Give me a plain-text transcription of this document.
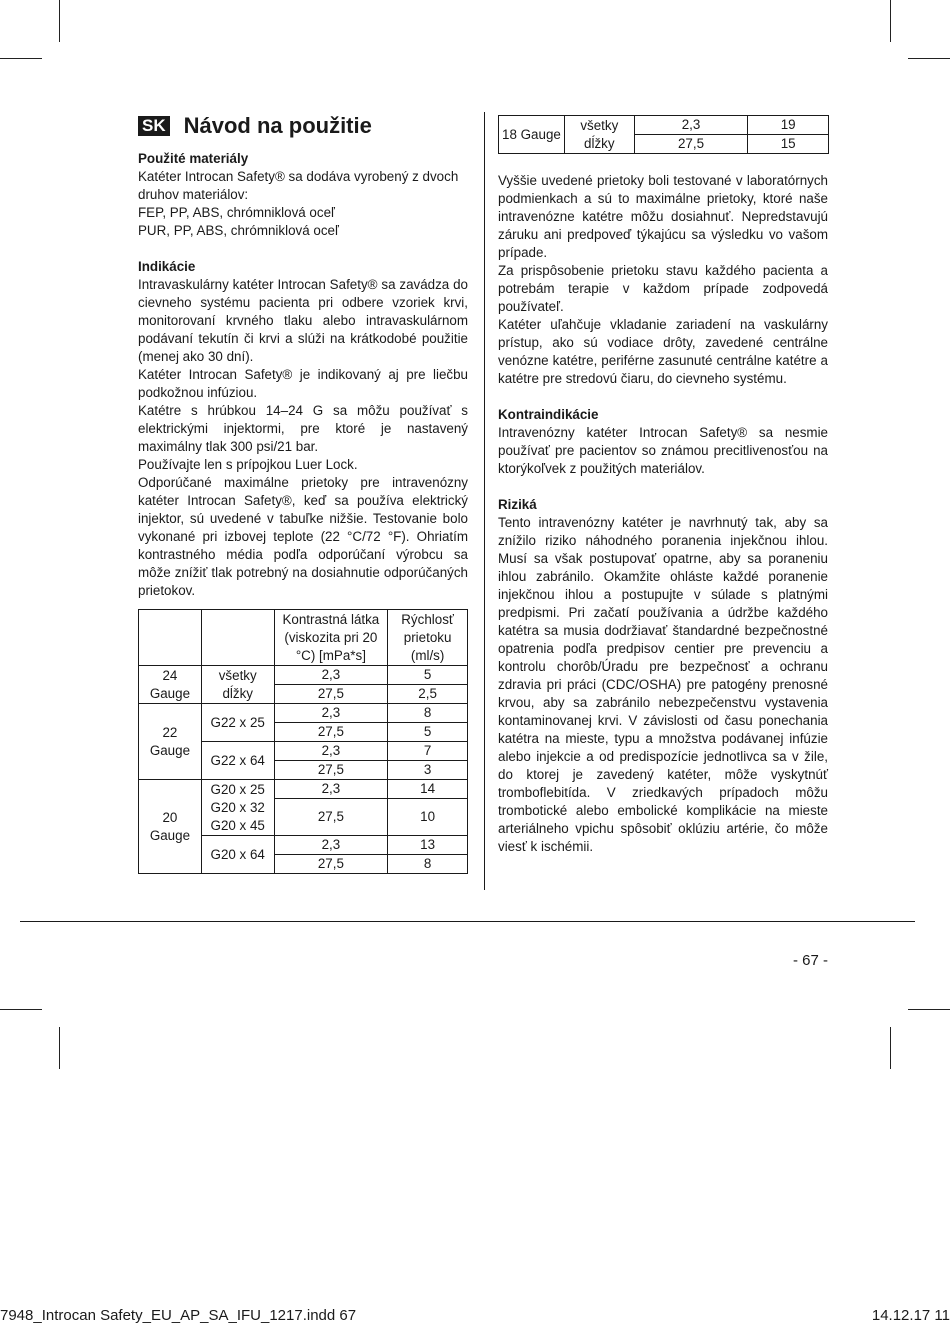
SK Návod na použitie

Použité materiály

Katéter Introcan Safety® sa dodáva vyrobený z dvoch

druhov materiálov:

FEP, PP, ABS, chrómniklová oceľ

PUR, PP, ABS, chrómniklová oceľ

Indikácie

Intravaskulárny katéter Introcan Safety® sa zavádza do cievneho systému pacienta pri odbere vzoriek krvi, monitorovaní krvného tlaku alebo intravaskulárnom podávaní tekutín či krvi a slúži na krátkodobé použitie (menej ako 30 dní).

Katéter Introcan Safety® je indikovaný aj pre liečbu podkožnou infúziou.

Katétre s hrúbkou 14–24 G sa môžu používať s elektrickými injektormi, pre ktoré je nastavený maximálny tlak 300 psi/21 bar.

Používajte len s prípojkou Luer Lock.

Odporúčané maximálne prietoky pre intravenózny katéter Introcan Safety®, keď sa používa elektrický injektor, sú uvedené v tabuľke nižšie. Testovanie bolo vykonané pri izbovej teplote (22 °C/72 °F). Ohriatím kontrastného média podľa odporúčaní výrobcu sa môže znížiť tlak potrebný na dosiahnutie odporúčaných prietokov.

		Kontrastná látka (viskozita pri 20 °C) [mPa*s]	Rýchlosť prietoku (ml/s)
24 Gauge	všetky dĺžky	2,3	5
		27,5	2,5
22 Gauge	G22 x 25	2,3	8
		27,5	5
	G22 x 64	2,3	7
		27,5	3
20 Gauge	G20 x 25
G20 x 32
G20 x 45	2,3	14
		27,5	10
	G20 x 64	2,3	13
		27,5	8
18 Gauge	všetky dĺžky	2,3	19
		27,5	15

Vyššie uvedené prietoky boli testované v laboratórnych podmienkach a sú to maximálne prietoky, ktoré naše intravenózne katétre môžu dosiahnuť. Nepredstavujú záruku ani predpoveď týkajúcu sa výsledku vo vašom prípade.

Za prispôsobenie prietoku stavu každého pacienta a potrebám terapie v každom prípade zodpovedá používateľ.

Katéter uľahčuje vkladanie zariadení na vaskulárny prístup, ako sú vodiace drôty, zavedené centrálne venózne katétre, periférne zasunuté centrálne katétre a katétre pre stredovú čiaru, do cievneho systému.

Kontraindikácie

Intravenózny katéter Introcan Safety® sa nesmie používať pre pacientov so známou precitlivenosťou na ktorýkoľvek z použitých materiálov.

Riziká

Tento intravenózny katéter je navrhnutý tak, aby sa znížilo riziko náhodného poranenia injekčnou ihlou. Musí sa však postupovať opatrne, aby sa poraneniu ihlou zabránilo. Okamžite ohláste každé poranenie injekčnou ihlou a postupujte v súlade s platnými predpismi. Pri začatí používania a údržbe každého katétra sa musia dodržiavať štandardné bezpečnostné opatrenia podľa predpisov centier pre prevenciu a kontrolu chorôb/Úradu pre bezpečnosť a ochranu zdravia pri práci (CDC/OSHA) pre patogény prenosné krvou, aby sa zabránilo nebezpečenstvu vystavenia kontaminovanej krvi. V závislosti od času ponechania katétra na mieste, typu a množstva podávanej infúzie alebo injekcie a od predispozície jednotlivca sa v žile, do ktorej je zavedený katéter, môže vyskytnúť tromboflebitída. V zriedkavých prípadoch môžu trombotické alebo embolické komplikácie na mieste arteriálneho vpichu spôsobiť oklúziu artérie, čo môže viesť k ischémii.

- 67 -
7948_Introcan Safety_EU_AP_SA_IFU_1217.indd 67	14.12.17 11
